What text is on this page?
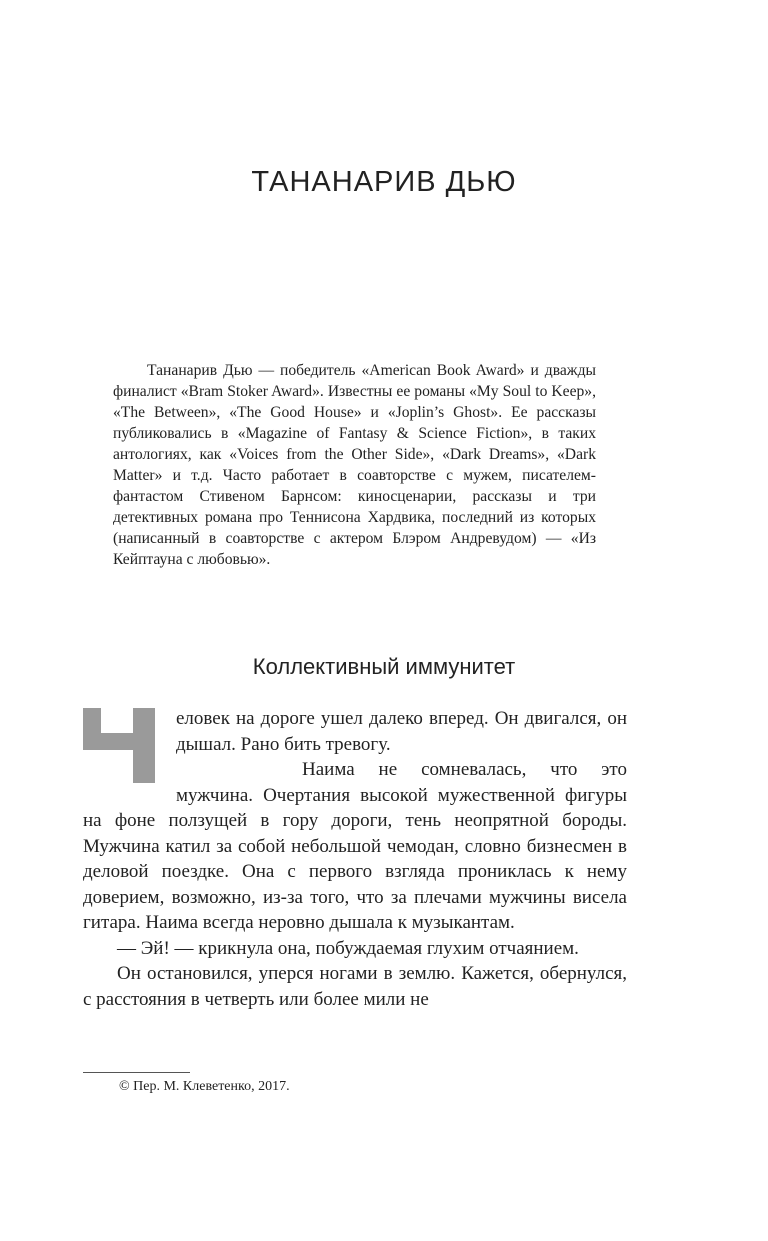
ТАНАНАРИВ ДЬЮ

Тананарив Дью — победитель «American Book Award» и дважды финалист «Bram Stoker Award». Известны ее романы «My Soul to Keep», «The Between», «The Good House» и «Joplin’s Ghost». Ее рассказы публиковались в «Magazine of Fantasy & Science Fiction», в таких антологиях, как «Voices from the Other Side», «Dark Dreams», «Dark Matter» и т.д. Часто работает в соавторстве с мужем, писателем-фантастом Стивеном Барнсом: киносценарии, рассказы и три детективных романа про Теннисона Хардвика, последний из которых (написанный в соавторстве с актером Блэром Андревудом) — «Из Кейптауна с любовью».

Коллективный иммунитет

еловек на дороге ушел далеко вперед. Он двигался, он дышал. Рано бить тревогу.

Наима не сомневалась, что это мужчина. Очертания высокой мужественной фигуры на фоне ползущей в гору дороги, тень неопрятной бороды. Мужчина катил за собой небольшой чемодан, словно бизнесмен в деловой поездке. Она с первого взгляда прониклась к нему доверием, возможно, из-за того, что за плечами мужчины висела гитара. Наима всегда неровно дышала к музыкантам.

— Эй! — крикнула она, побуждаемая глухим отчаянием.

Он остановился, уперся ногами в землю. Кажется, обернулся, с расстояния в четверть или более мили не

© Пер. М. Клеветенко, 2017.
